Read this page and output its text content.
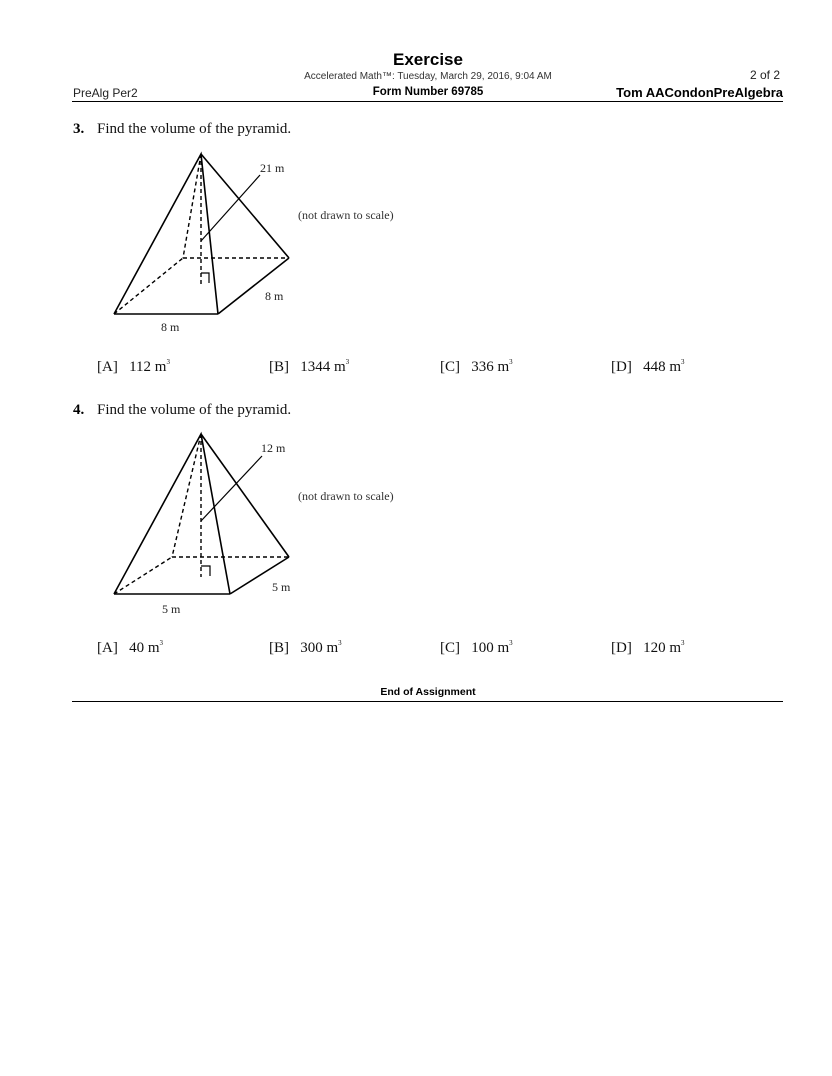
Exercise
Accelerated Math™: Tuesday, March 29, 2016, 9:04 AM	2 of 2
PreAlg Per2	Form Number 69785	Tom AACondonPreAlgebra
3. Find the volume of the pyramid.
(not drawn to scale)
21 m
8 m
8 m
[A] 112 $m^3$	[B] 1344 $m^3$	[C] 336 $m^3$	[D] 448 $m^3$
4. Find the volume of the pyramid.
(not drawn to scale)
12 m
5 m
5 m
[A] 40 $m^3$	[B] 300 $m^3$	[C] 100 $m^3$	[D] 120 $m^3$
End of Assignment
